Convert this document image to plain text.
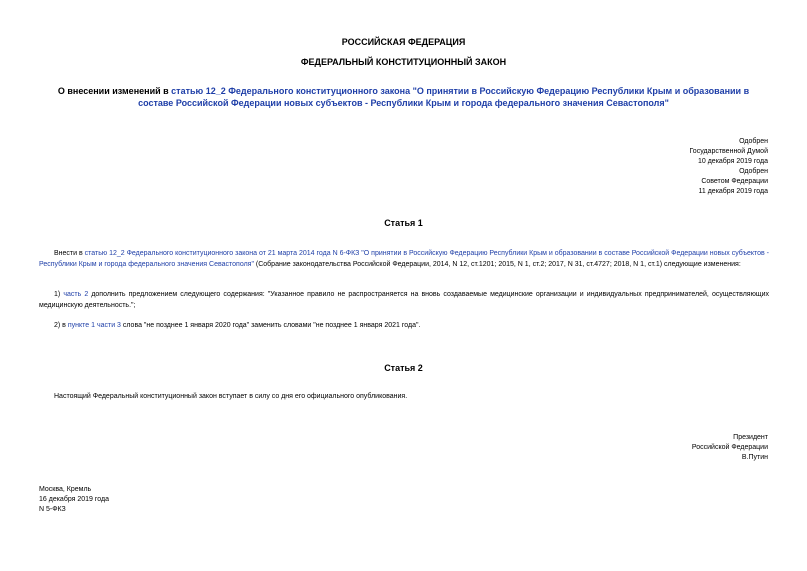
РОССИЙСКАЯ ФЕДЕРАЦИЯ
ФЕДЕРАЛЬНЫЙ КОНСТИТУЦИОННЫЙ ЗАКОН
О внесении изменений в статью 12_2 Федерального конституционного закона "О принятии в Российскую Федерацию Республики Крым и образовании в составе Российской Федерации новых субъектов - Республики Крым и города федерального значения Севастополя"
Одобрен
Государственной Думой
10 декабря 2019 года
Одобрен
Советом Федерации
11 декабря 2019 года
Статья 1
Внести в статью 12_2 Федерального конституционного закона от 21 марта 2014 года N 6-ФКЗ "О принятии в Российскую Федерацию Республики Крым и образовании в составе Российской Федерации новых субъектов - Республики Крым и города федерального значения Севастополя" (Собрание законодательства Российской Федерации, 2014, N 12, ст.1201; 2015, N 1, ст.2; 2017, N 31, ст.4727; 2018, N 1, ст.1) следующие изменения:
1) часть 2 дополнить предложением следующего содержания: "Указанное правило не распространяется на вновь создаваемые медицинские организации и индивидуальных предпринимателей, осуществляющих медицинскую деятельность.";
2) в пункте 1 части 3 слова "не позднее 1 января 2020 года" заменить словами "не позднее 1 января 2021 года".
Статья 2
Настоящий Федеральный конституционный закон вступает в силу со дня его официального опубликования.
Президент
Российской Федерации
В.Путин
Москва, Кремль
16 декабря 2019 года
N 5-ФКЗ
